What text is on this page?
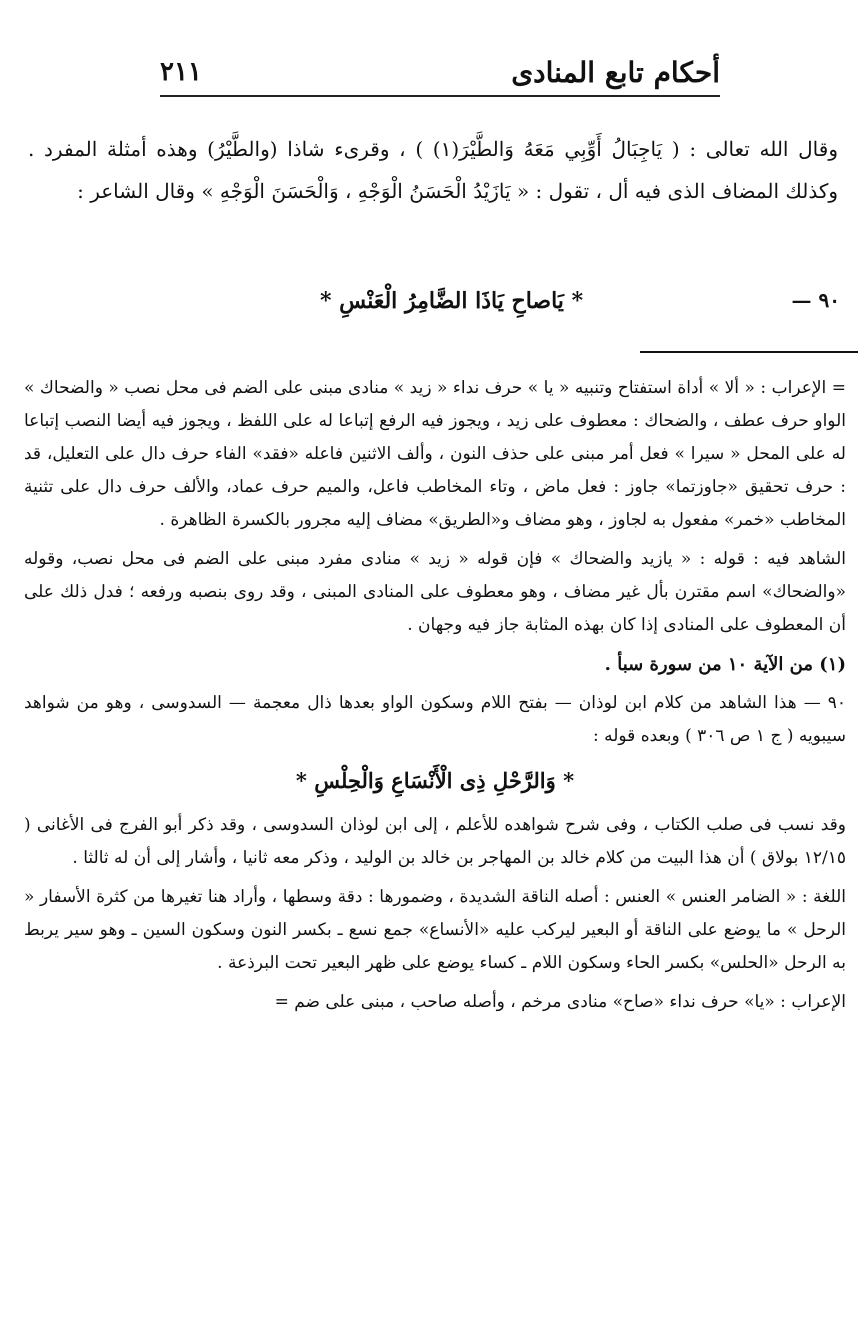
أحكام تابع المنادى
٢١١
وقال الله تعالى : ( يَاجِبَالُ أَوِّبِي مَعَهُ وَالطَّيْرَ(١) ) ، وقرىء شاذا (والطَّيْرُ) وهذه أمثلة المفرد . وكذلك المضاف الذى فيه أل ، تقول : « يَازَيْدُ الْحَسَنُ الْوَجْهِ ، وَالْحَسَنَ الْوَجْهِ » وقال الشاعر :
٩٠ —
* يَاصاحِ يَاذَا الضَّامِرُ الْعَنْسِ *

= الإعراب : « ألا » أداة استفتاح وتنبيه « يا » حرف نداء « زيد » منادى مبنى على الضم فى محل نصب « والضحاك » الواو حرف عطف ، والضحاك : معطوف على زيد ، ويجوز فيه الرفع إتباعا له على اللفظ ، ويجوز فيه أيضا النصب إتباعا له على المحل « سيرا » فعل أمر مبنى على حذف النون ، وألف الاثنين فاعله «فقد» الفاء حرف دال على التعليل، قد : حرف تحقيق «جاوزتما» جاوز : فعل ماض ، وتاء المخاطب فاعل، والميم حرف عماد، والألف حرف دال على تثنية المخاطب «خمر» مفعول به لجاوز ، وهو مضاف و«الطريق» مضاف إليه مجرور بالكسرة الظاهرة .

الشاهد فيه : قوله : « يازيد والضحاك » فإن قوله « زيد » منادى مفرد مبنى على الضم فى محل نصب، وقوله «والضحاك» اسم مقترن بأل غير مضاف ، وهو معطوف على المنادى المبنى ، وقد روى بنصبه ورفعه ؛ فدل ذلك على أن المعطوف على المنادى إذا كان بهذه المثابة جاز فيه وجهان .

(١) من الآية ١٠ من سورة سبأ .

٩٠ — هذا الشاهد من كلام ابن لوذان — بفتح اللام وسكون الواو بعدها ذال معجمة — السدوسى ، وهو من شواهد سيبويه ( ج ١ ص ٣٠٦ ) وبعده قوله :

* وَالرَّحْلِ ذِى الْأَنْسَاعِ وَالْحِلْسِ *

وقد نسب فى صلب الكتاب ، وفى شرح شواهده للأعلم ، إلى ابن لوذان السدوسى ، وقد ذكر أبو الفرج فى الأغانى ( ١٢/١٥ بولاق ) أن هذا البيت من كلام خالد بن المهاجر بن خالد بن الوليد ، وذكر معه ثانيا ، وأشار إلى أن له ثالثا .

اللغة : « الضامر العنس » العنس : أصله الناقة الشديدة ، وضمورها : دقة وسطها ، وأراد هنا تغيرها من كثرة الأسفار « الرحل » ما يوضع على الناقة أو البعير ليركب عليه «الأنساع» جمع نسع ـ بكسر النون وسكون السين ـ وهو سير يربط به الرحل «الحلس» بكسر الحاء وسكون اللام ـ كساء يوضع على ظهر البعير تحت البرذعة .

الإعراب : «يا» حرف نداء «صاح» منادى مرخم ، وأصله صاحب ، مبنى على ضم =
